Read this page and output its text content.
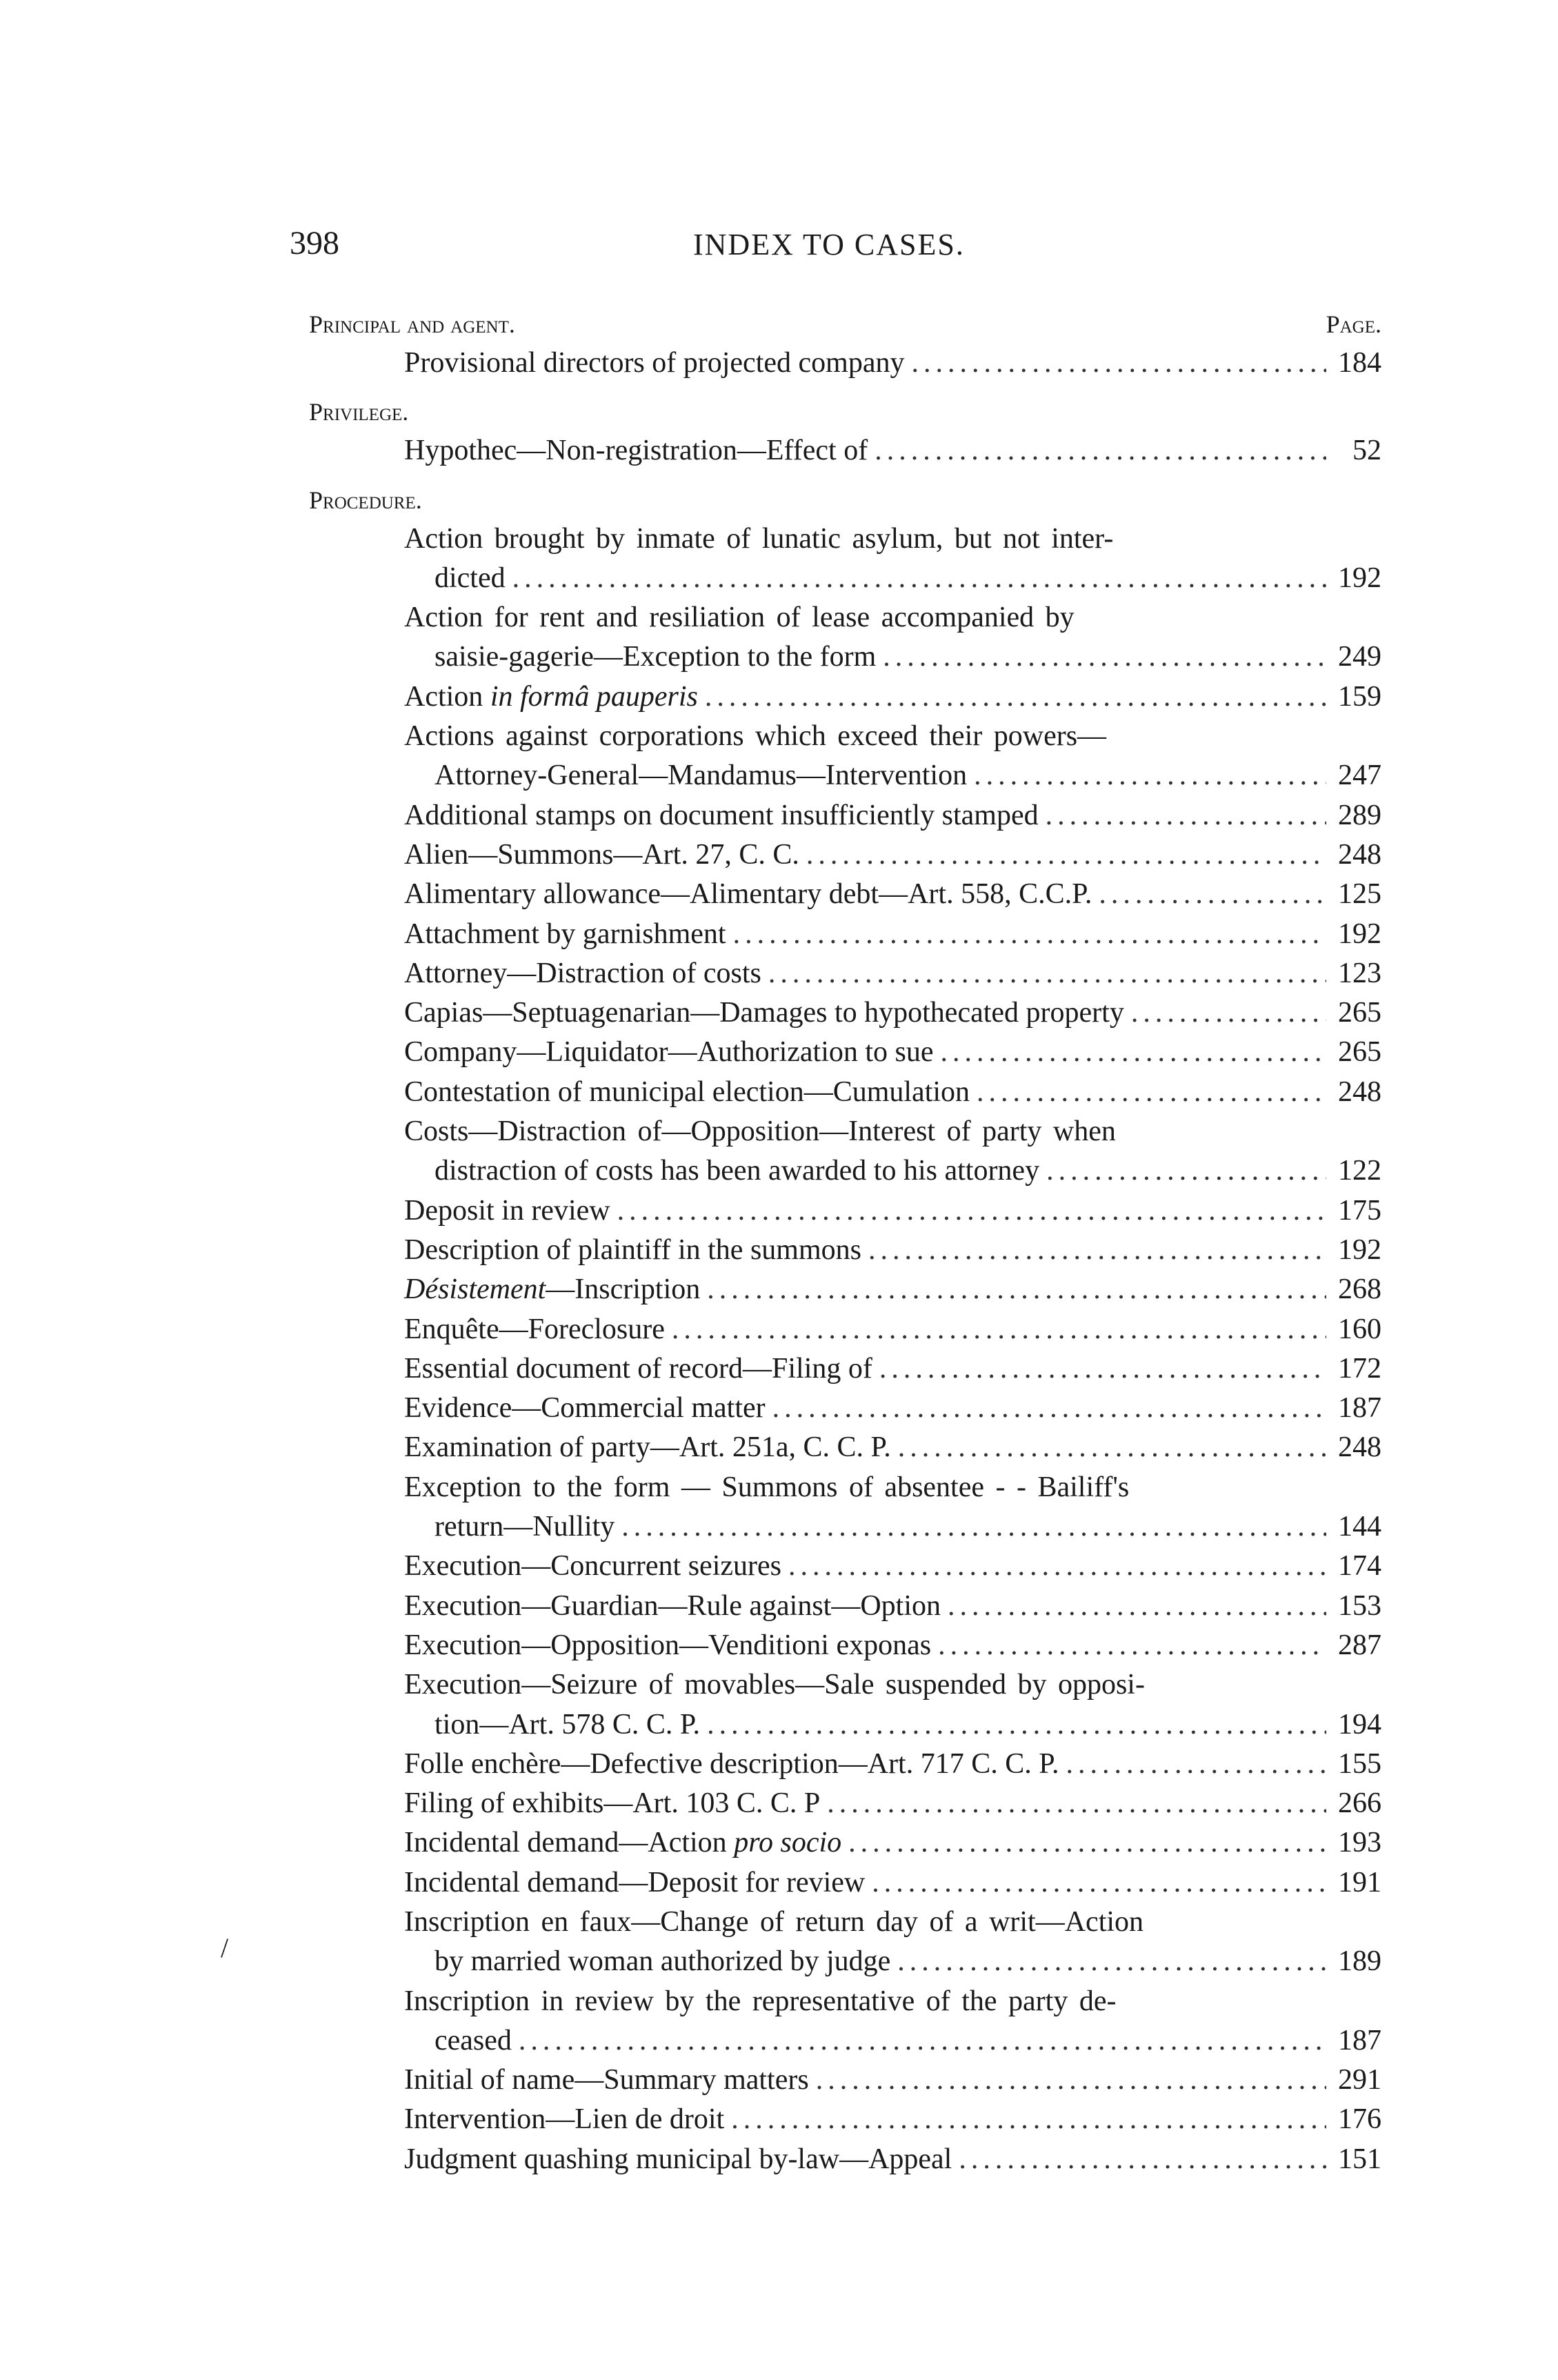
398	INDEX TO CASES.
Principal and agent.	Page.
Provisional directors of projected company .....	184
Privilege.
Hypothec—Non-registration—Effect of .....	52
Procedure.
Action brought by inmate of lunatic asylum, but not inter-
dicted .....	192
Action for rent and resiliation of lease accompanied by
saisie-gagerie—Exception to the form .....	249
Action in formâ pauperis .....	159
Actions against corporations which exceed their powers—
Attorney-General—Mandamus—Intervention .....	247
Additional stamps on document insufficiently stamped .....	289
Alien—Summons—Art. 27, C. C. .....	248
Alimentary allowance—Alimentary debt—Art. 558, C.C.P. .....	125
Attachment by garnishment .....	192
Attorney—Distraction of costs .....	123
Capias—Septuagenarian—Damages to hypothecated property .....	265
Company—Liquidator—Authorization to sue .....	265
Contestation of municipal election—Cumulation .....	248
Costs—Distraction of—Opposition—Interest of party when
distraction of costs has been awarded to his attorney .....	122
Deposit in review .....	175
Description of plaintiff in the summons .....	192
Désistement—Inscription .....	268
Enquête—Foreclosure .....	160
Essential document of record—Filing of .....	172
Evidence—Commercial matter .....	187
Examination of party—Art. 251a, C. C. P. .....	248
Exception to the form — Summons of absentee - - Bailiff's
return—Nullity .....	144
Execution—Concurrent seizures .....	174
Execution—Guardian—Rule against—Option .....	153
Execution—Opposition—Venditioni exponas .....	287
Execution—Seizure of movables—Sale suspended by opposi-
tion—Art. 578 C. C. P. .....	194
Folle enchère—Defective description—Art. 717 C. C. P. .....	155
Filing of exhibits—Art. 103 C. C. P .....	266
Incidental demand—Action pro socio .....	193
Incidental demand—Deposit for review .....	191
Inscription en faux—Change of return day of a writ—Action
by married woman authorized by judge .....	189
Inscription in review by the representative of the party de-
ceased .....	187
Initial of name—Summary matters .....	291
Intervention—Lien de droit .....	176
Judgment quashing municipal by-law—Appeal .....	151
/
